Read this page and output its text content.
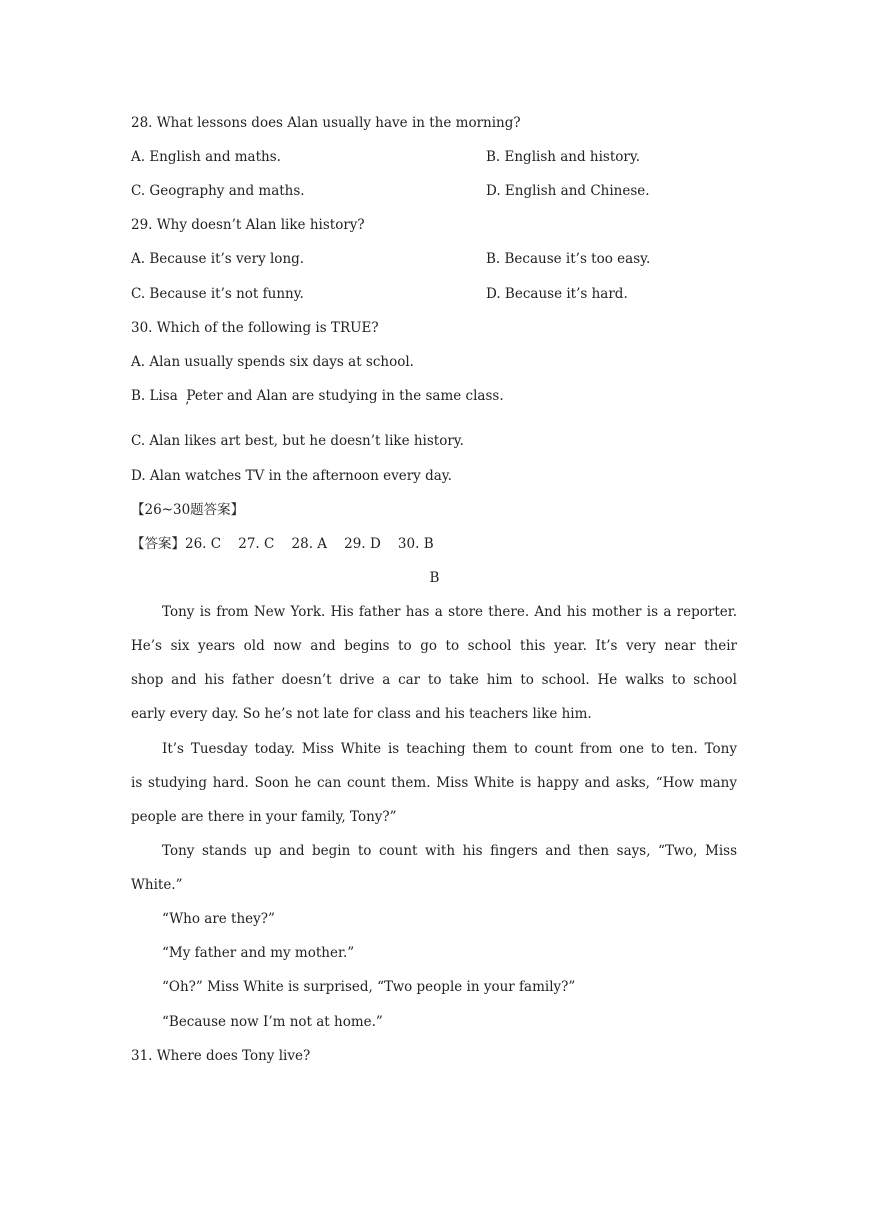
28. What lessons does Alan usually have in the morning?
A. English and maths.	B. English and history.
C. Geography and maths.	D. English and Chinese.
29. Why doesn’t Alan like history?
A. Because it’s very long.	B. Because it’s too easy.
C. Because it’s not funny.	D. Because it’s hard.
30. Which of the following is TRUE?
A. Alan usually spends six days at school.
B. Lisa  Peter and Alan are studying in the same class.
’
C. Alan likes art best, but he doesn’t like history.
D. Alan watches TV in the afternoon every day.
【26~30题答案】
【答案】26. C    27. C    28. A    29. D    30. B
B
Tony is from New York. His father has a store there. And his mother is a reporter.
He’s six years old now and begins to go to school this year. It’s very near their
shop and his father doesn’t drive a car to take him to school. He walks to school
early every day. So he’s not late for class and his teachers like him.
It’s Tuesday today. Miss White is teaching them to count from one to ten. Tony
is studying hard. Soon he can count them. Miss White is happy and asks, “How many
people are there in your family, Tony?”
Tony stands up and begin to count with his fingers and then says, “Two, Miss
White.”
“Who are they?”
“My father and my mother.”
“Oh?” Miss White is surprised, “Two people in your family?”
“Because now I’m not at home.”
31. Where does Tony live?
